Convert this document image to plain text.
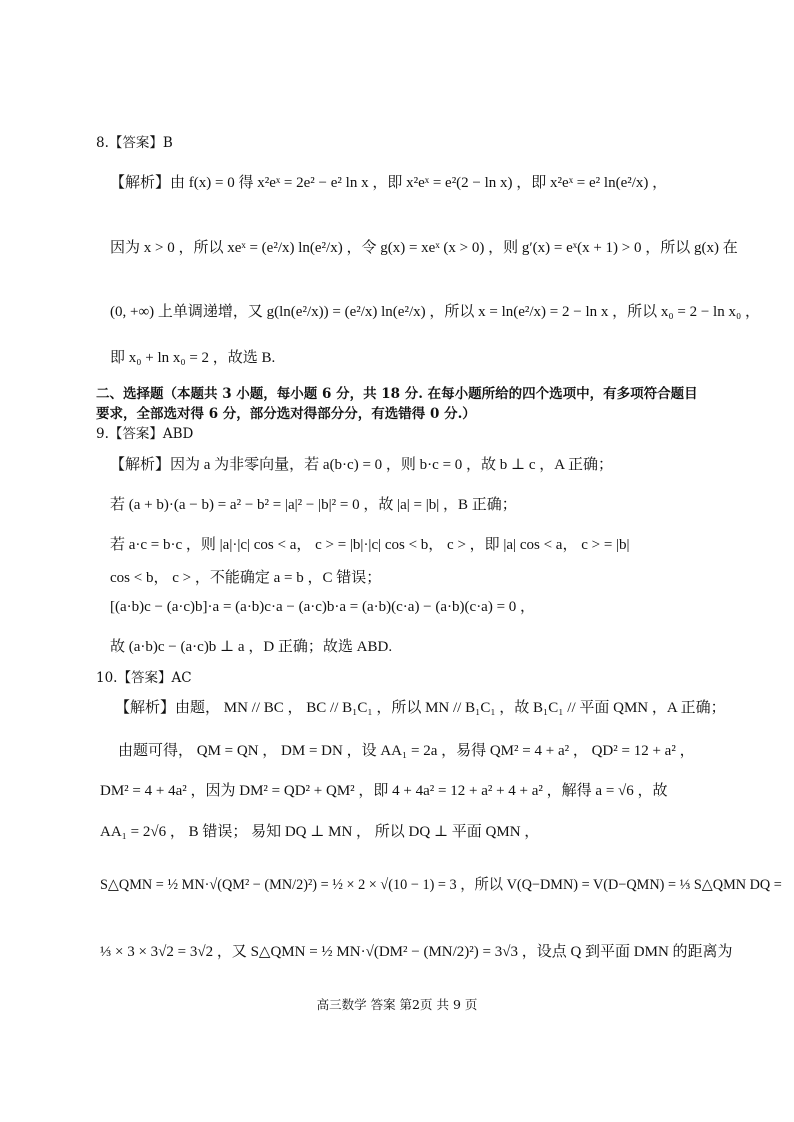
8.【答案】B
【解析】由 f(x) = 0 得 x²eˣ = 2e² − e² ln x ，即 x²eˣ = e²(2 − ln x) ，即 x²eˣ = e² ln(e²/x) ，
因为 x > 0 ，所以 xeˣ = (e²/x) ln(e²/x) ，令 g(x) = xeˣ (x > 0) ，则 g′(x) = eˣ(x + 1) > 0 ，所以 g(x) 在
(0, +∞) 上单调递增，又 g(ln(e²/x)) = (e²/x) ln(e²/x) ，所以 x = ln(e²/x) = 2 − ln x ，所以 x₀ = 2 − ln x₀ ，
即 x₀ + ln x₀ = 2 ，故选 B.
二、选择题（本题共 3 小题，每小题 6 分，共 18 分. 在每小题所给的四个选项中，有多项符合题目
要求，全部选对得 6 分，部分选对得部分分，有选错得 0 分.）
9.【答案】ABD
【解析】因为 a 为非零向量，若 a(b·c) = 0 ，则 b·c = 0 ，故 b ⊥ c ，A 正确；
若 (a + b)·(a − b) = a² − b² = |a|² − |b|² = 0 ，故 |a| = |b| ，B 正确；
若 a·c = b·c ，则 |a|·|c| cos < a， c > = |b|·|c| cos < b， c > ，即 |a| cos < a， c > = |b|
cos < b， c > ，不能确定 a = b ，C 错误；
[(a·b)c − (a·c)b]·a = (a·b)c·a − (a·c)b·a = (a·b)(c·a) − (a·b)(c·a) = 0 ，
故 (a·b)c − (a·c)b ⊥ a ，D 正确；故选 ABD.
10.【答案】AC
【解析】由题， MN // BC ， BC // B₁C₁ ，所以 MN // B₁C₁ ，故 B₁C₁ // 平面 QMN ，A 正确；
由题可得， QM = QN ， DM = DN ，设 AA₁ = 2a ，易得 QM² = 4 + a² ， QD² = 12 + a² ，
DM² = 4 + 4a² ，因为 DM² = QD² + QM² ，即 4 + 4a² = 12 + a² + 4 + a² ，解得 a = √6 ，故
AA₁ = 2√6 ， B 错误； 易知 DQ ⊥ MN ， 所以 DQ ⊥ 平面 QMN ，
S△QMN = ½ MN·√(QM² − (MN/2)²) = ½ × 2 × √(10 − 1) = 3 ，所以 V(Q−DMN) = V(D−QMN) = ⅓ S△QMN DQ =
⅓ × 3 × 3√2 = 3√2 ，又 S△QMN = ½ MN·√(DM² − (MN/2)²) = 3√3 ，设点 Q 到平面 DMN 的距离为
高三数学 答案 第2页 共 9 页
